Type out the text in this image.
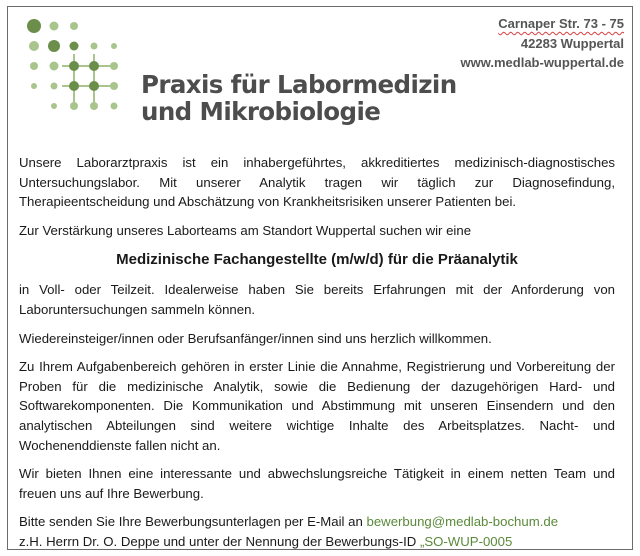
Praxis für Labormedizin
und Mikrobiologie
Carnaper Str. 73 - 75
42283 Wuppertal
www.medlab-wuppertal.de

Unsere Laborarztpraxis ist ein inhabergeführtes, akkreditiertes medizinisch-diagnostisches Untersuchungslabor. Mit unserer Analytik tragen wir täglich zur Diagnosefindung, Therapieentscheidung und Abschätzung von Krankheitsrisiken unserer Patienten bei.

Zur Verstärkung unseres Laborteams am Standort Wuppertal suchen wir eine

Medizinische Fachangestellte (m/w/d) für die Präanalytik

in Voll- oder Teilzeit. Idealerweise haben Sie bereits Erfahrungen mit der Anforderung von Laboruntersuchungen sammeln können.

Wiedereinsteiger/innen oder Berufsanfänger/innen sind uns herzlich willkommen.

Zu Ihrem Aufgabenbereich gehören in erster Linie die Annahme, Registrierung und Vorbereitung der Proben für die medizinische Analytik, sowie die Bedienung der dazugehörigen Hard- und Softwarekomponenten. Die Kommunikation und Abstimmung mit unseren Einsendern und den analytischen Abteilungen sind weitere wichtige Inhalte des Arbeitsplatzes. Nacht- und Wochenenddienste fallen nicht an.

Wir bieten Ihnen eine interessante und abwechslungsreiche Tätigkeit in einem netten Team und freuen uns auf Ihre Bewerbung.

Bitte senden Sie Ihre Bewerbungsunterlagen per E-Mail an bewerbung@medlab-bochum.de
z.H. Herrn Dr. O. Deppe und unter der Nennung der Bewerbungs-ID „SO-WUP-0005
